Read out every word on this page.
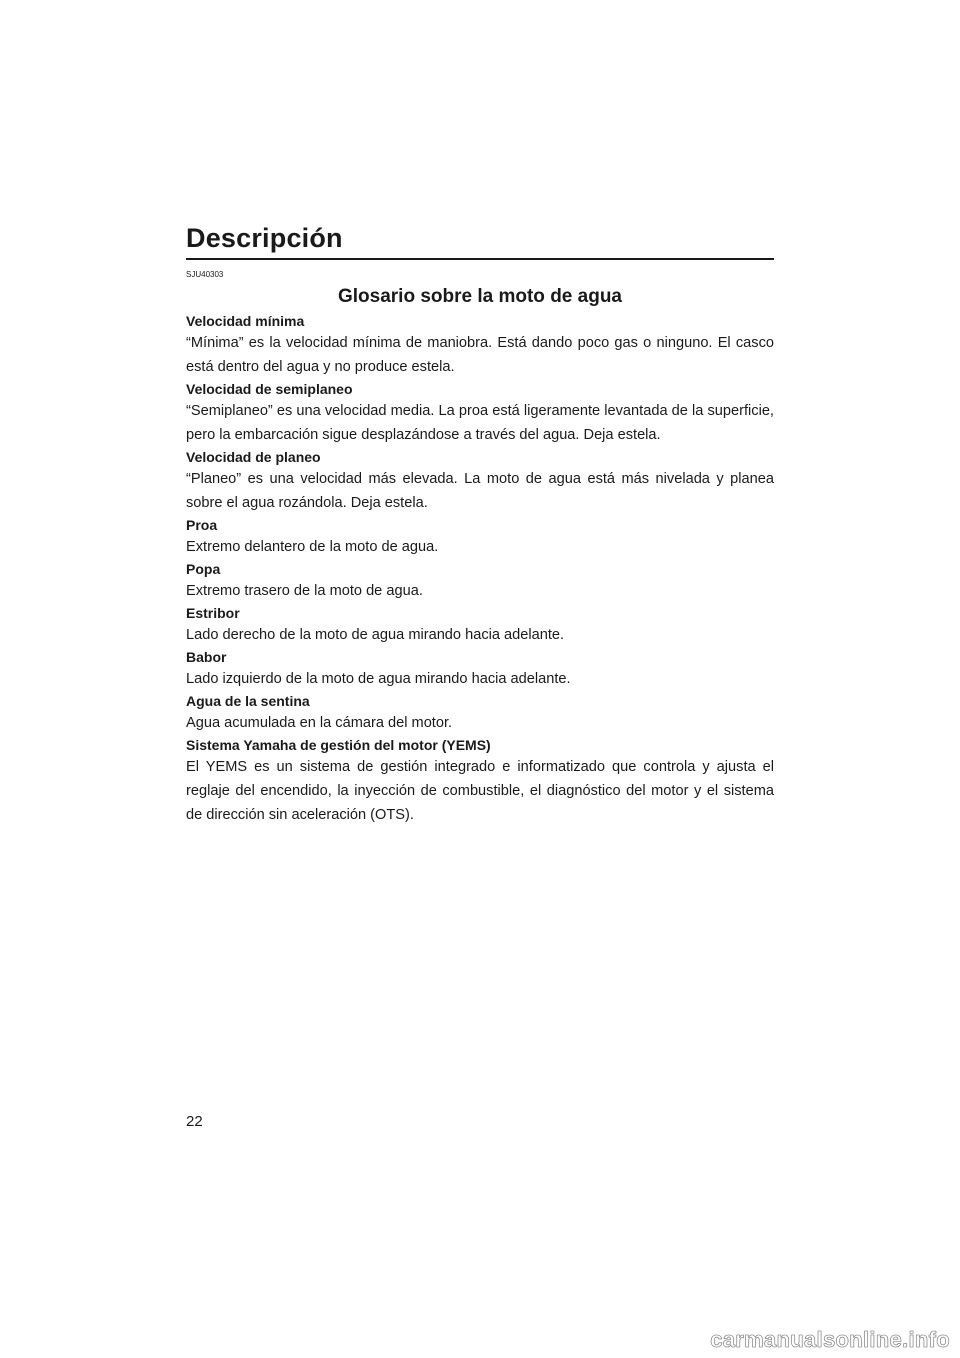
Descripción

SJU40303

Glosario sobre la moto de agua

Velocidad mínima

“Mínima” es la velocidad mínima de maniobra. Está dando poco gas o ninguno. El casco está dentro del agua y no produce estela.

Velocidad de semiplaneo

“Semiplaneo” es una velocidad media. La proa está ligeramente levantada de la superficie, pero la embarcación sigue desplazándose a través del agua. Deja estela.

Velocidad de planeo

“Planeo” es una velocidad más elevada. La moto de agua está más nivelada y planea sobre el agua rozándola. Deja estela.

Proa

Extremo delantero de la moto de agua.

Popa

Extremo trasero de la moto de agua.

Estribor

Lado derecho de la moto de agua mirando hacia adelante.

Babor

Lado izquierdo de la moto de agua mirando hacia adelante.

Agua de la sentina

Agua acumulada en la cámara del motor.

Sistema Yamaha de gestión del motor (YEMS)

El YEMS es un sistema de gestión integrado e informatizado que controla y ajusta el reglaje del encendido, la inyección de combustible, el diagnóstico del motor y el sistema de dirección sin aceleración (OTS).

22
carmanualsonline.info
